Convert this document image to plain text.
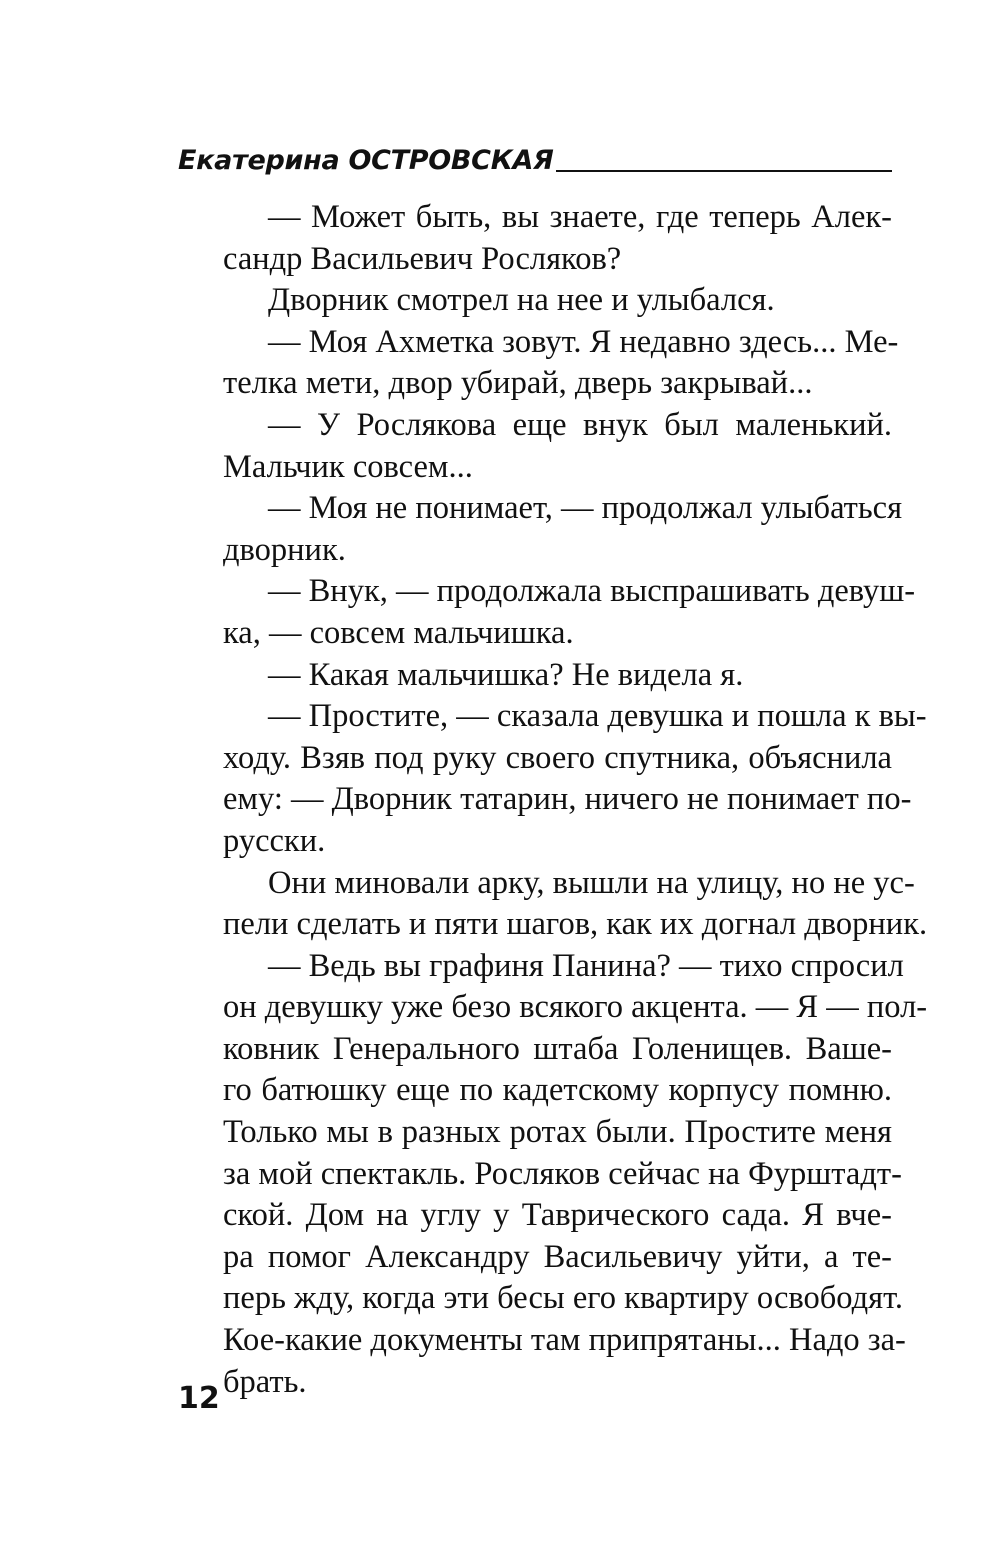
Екатерина ОСТРОВСКАЯ

— Может быть, вы знаете, где теперь Алек-
сандр Васильевич Росляков?

Дворник смотрел на нее и улыбался.

— Моя Ахметка зовут. Я недавно здесь... Ме-
телка мети, двор убирай, дверь закрывай...

— У Рослякова еще внук был маленький.
Мальчик совсем...

— Моя не понимает, — продолжал улыбаться
дворник.

— Внук, — продолжала выспрашивать девуш-
ка, — совсем мальчишка.

— Какая мальчишка? Не видела я.

— Простите, — сказала девушка и пошла к вы-
ходу. Взяв под руку своего спутника, объяснила
ему: — Дворник татарин, ничего не понимает по-
русски.

Они миновали арку, вышли на улицу, но не ус-
пели сделать и пяти шагов, как их догнал дворник.

— Ведь вы графиня Панина? — тихо спросил
он девушку уже безо всякого акцента. — Я — пол-
ковник Генерального штаба Голенищев. Ваше-
го батюшку еще по кадетскому корпусу помню.
Только мы в разных ротах были. Простите меня
за мой спектакль. Росляков сейчас на Фурштадт-
ской. Дом на углу у Таврического сада. Я вче-
ра помог Александру Васильевичу уйти, а те-
перь жду, когда эти бесы его квартиру освободят.
Кое-какие документы там припрятаны... Надо за-
брать.

12
